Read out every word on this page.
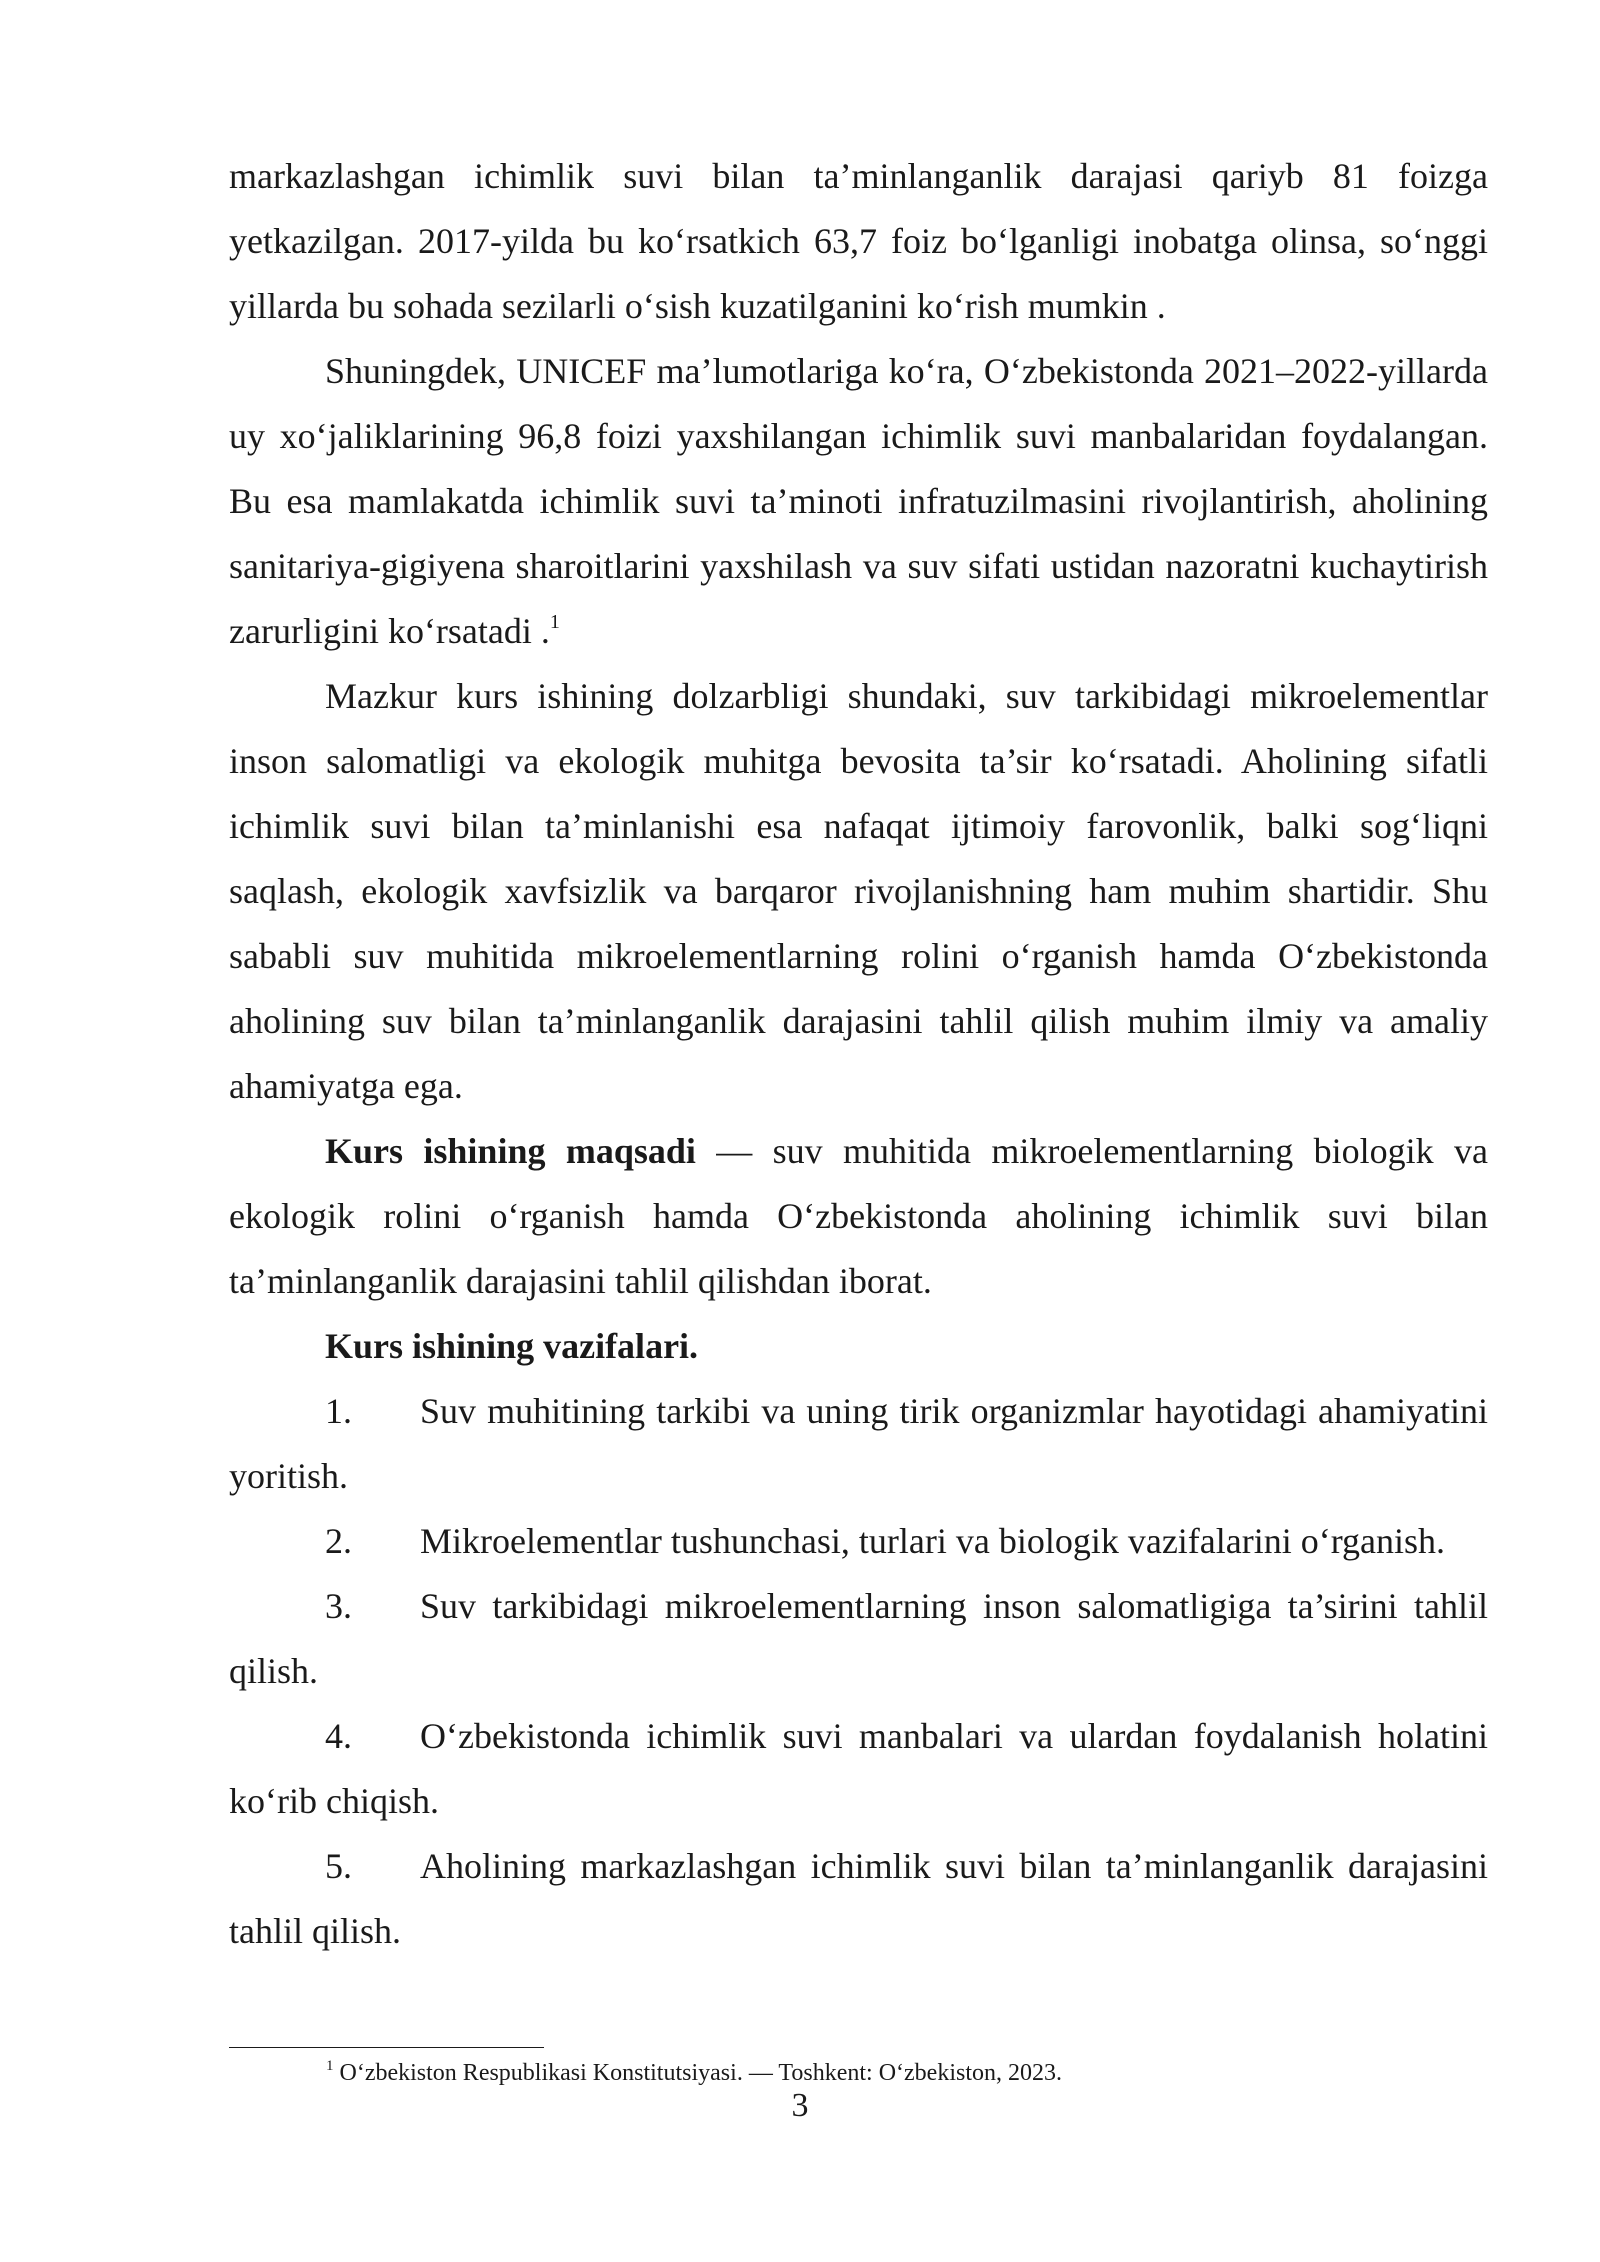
markazlashgan ichimlik suvi bilan ta’minlanganlik darajasi qariyb 81 foizga yetkazilgan. 2017-yilda bu ko‘rsatkich 63,7 foiz bo‘lganligi inobatga olinsa, so‘nggi yillarda bu sohada sezilarli o‘sish kuzatilganini ko‘rish mumkin .

Shuningdek, UNICEF ma’lumotlariga ko‘ra, O‘zbekistonda 2021–2022-yillarda uy xo‘jaliklarining 96,8 foizi yaxshilangan ichimlik suvi manbalaridan foydalangan. Bu esa mamlakatda ichimlik suvi ta’minoti infratuzilmasini rivojlantirish, aholining sanitariya-gigiyena sharoitlarini yaxshilash va suv sifati ustidan nazoratni kuchaytirish zarurligini ko‘rsatadi .$^1$

Mazkur kurs ishining dolzarbligi shundaki, suv tarkibidagi mikroelementlar inson salomatligi va ekologik muhitga bevosita ta’sir ko‘rsatadi. Aholining sifatli ichimlik suvi bilan ta’minlanishi esa nafaqat ijtimoiy farovonlik, balki sog‘liqni saqlash, ekologik xavfsizlik va barqaror rivojlanishning ham muhim shartidir. Shu sababli suv muhitida mikroelementlarning rolini o‘rganish hamda O‘zbekistonda aholining suv bilan ta’minlanganlik darajasini tahlil qilish muhim ilmiy va amaliy ahamiyatga ega.

Kurs ishining maqsadi — suv muhitida mikroelementlarning biologik va ekologik rolini o‘rganish hamda O‘zbekistonda aholining ichimlik suvi bilan ta’minlanganlik darajasini tahlil qilishdan iborat.

Kurs ishining vazifalari.

1. Suv muhitining tarkibi va uning tirik organizmlar hayotidagi ahamiyatini yoritish.

2. Mikroelementlar tushunchasi, turlari va biologik vazifalarini o‘rganish.

3. Suv tarkibidagi mikroelementlarning inson salomatligiga ta’sirini tahlil qilish.

4. O‘zbekistonda ichimlik suvi manbalari va ulardan foydalanish holatini ko‘rib chiqish.

5. Aholining markazlashgan ichimlik suvi bilan ta’minlanganlik darajasini tahlil qilish.

$^1$ O‘zbekiston Respublikasi Konstitutsiyasi. — Toshkent: O‘zbekiston, 2023.
3
